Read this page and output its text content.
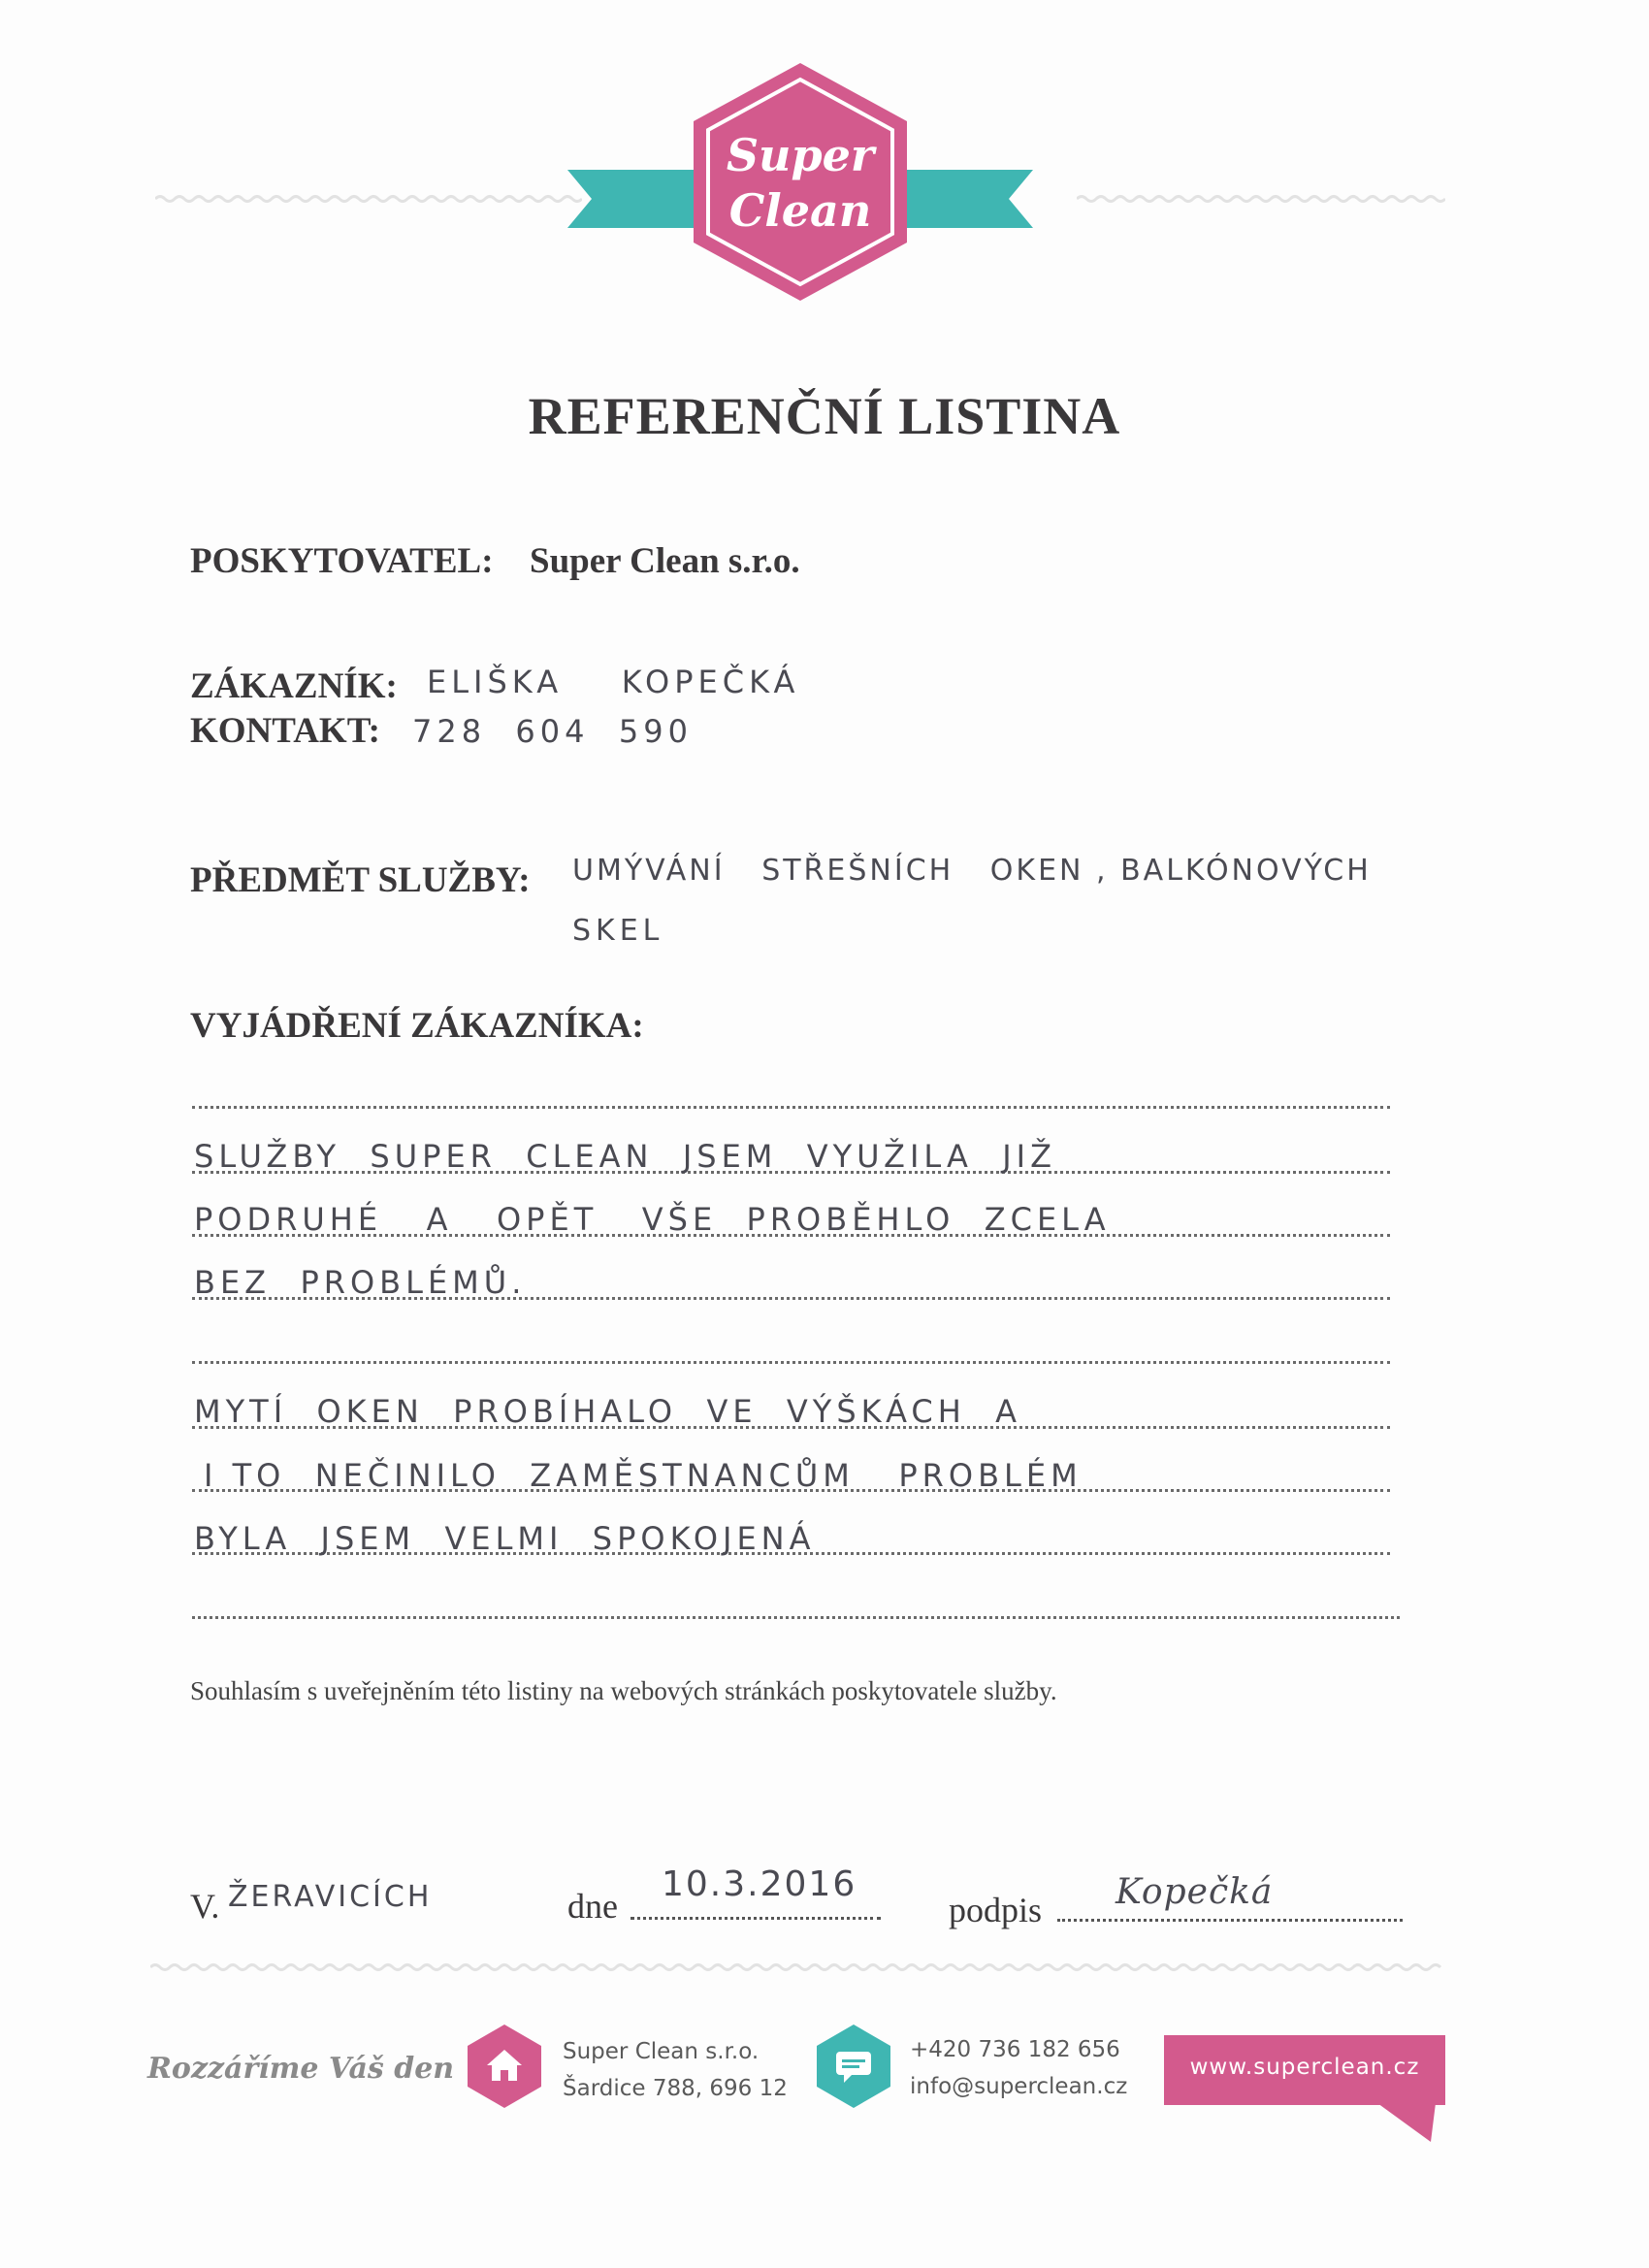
Super
Clean
REFERENČNÍ LISTINA
POSKYTOVATEL: Super Clean s.r.o.
ZÁKAZNÍK: ELIŠKA    KOPEČKÁ
KONTAKT: 728  604  590
PŘEDMĚT SLUŽBY: UMÝVÁNÍ   STŘEŠNÍCH   OKEN , BALKÓNOVÝCH
SKEL
VYJÁDŘENÍ ZÁKAZNÍKA:
SLUŽBY  SUPER  CLEAN  JSEM  VYUŽILA  JIŽ
PODRUHÉ   A   OPĚT   VŠE  PROBĚHLO  ZCELA
BEZ  PROBLÉMŮ.
MYTÍ  OKEN  PROBÍHALO  VE  VÝŠKÁCH  A
I TO  NEČINILO  ZAMĚSTNANCŮM   PROBLÉM
BYLA  JSEM  VELMI  SPOKOJENÁ
Souhlasím s uveřejněním této listiny na webových stránkách poskytovatele služby.
V. ŽERAVICÍCH	dne
10.3.2016
podpis Kopečká
Rozzáříme Váš den	Super Clean s.r.o.
Šardice 788, 696 12
+420 736 182 656
info@superclean.cz
www.superclean.cz
